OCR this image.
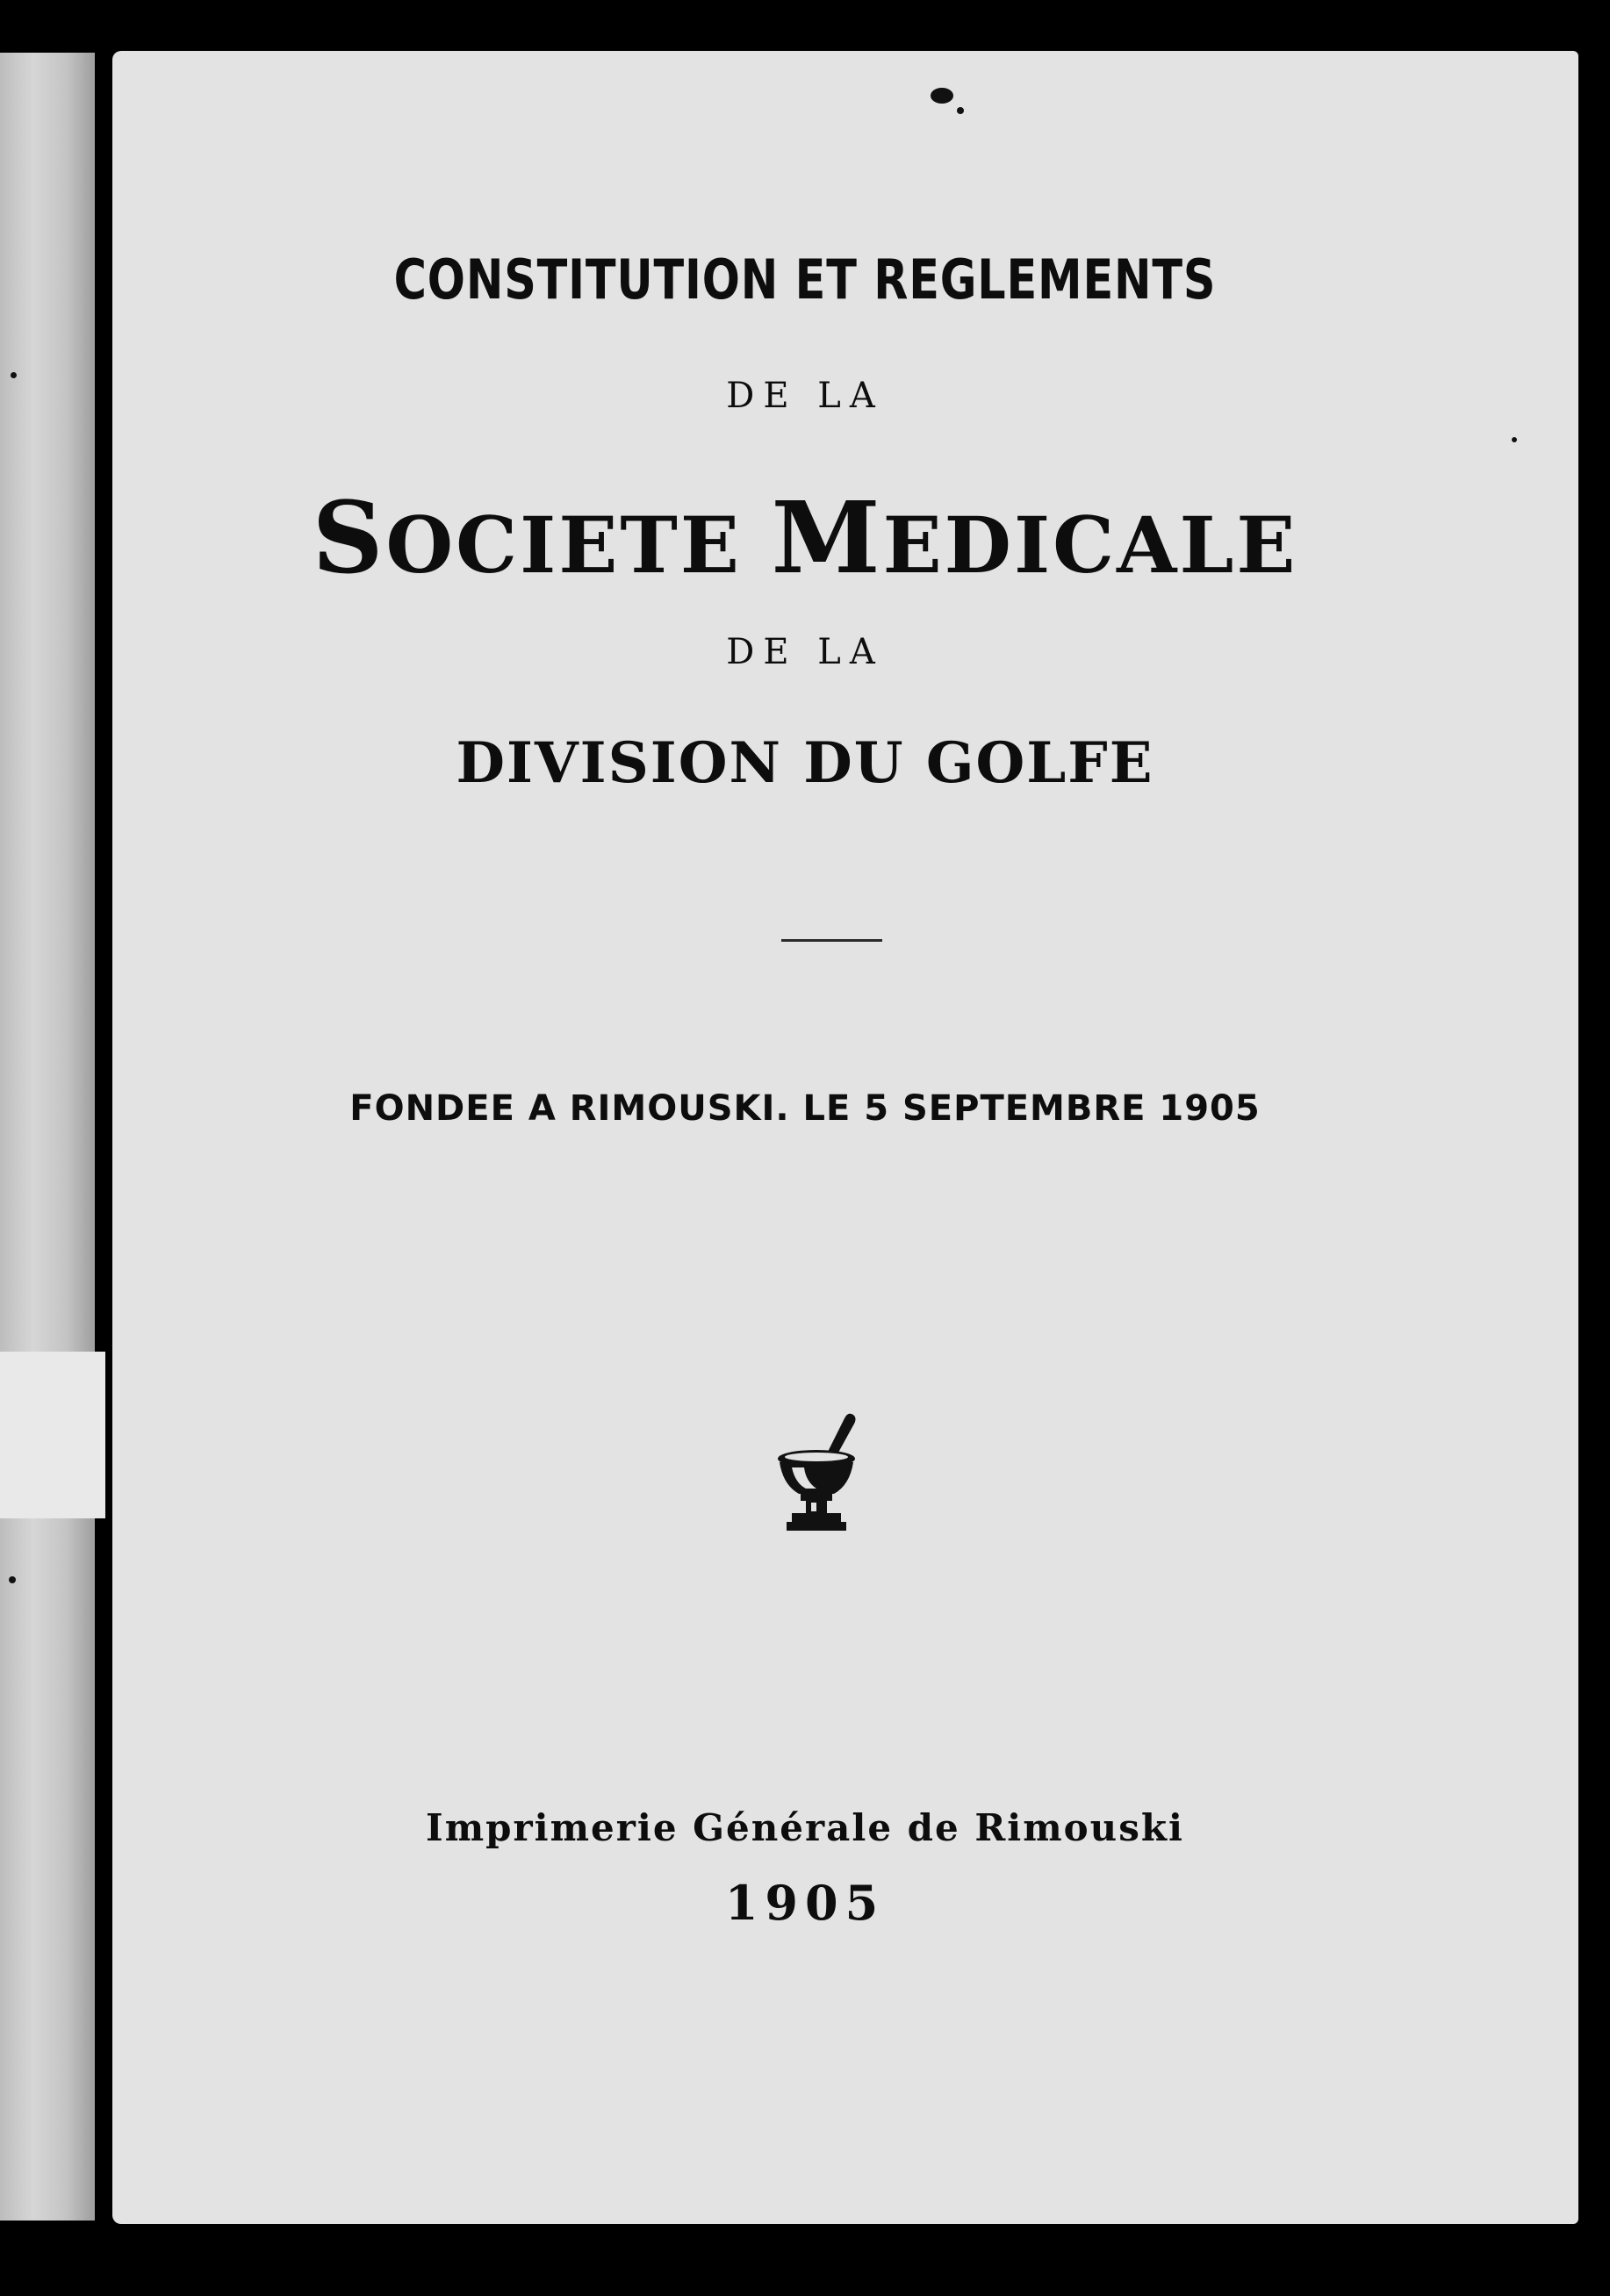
CONSTITUTION ET REGLEMENTS
DE LA
SOCIETE MEDICALE
DE LA
DIVISION DU GOLFE
FONDEE A RIMOUSKI. LE 5 SEPTEMBRE 1905
Imprimerie Générale de Rimouski
1905
